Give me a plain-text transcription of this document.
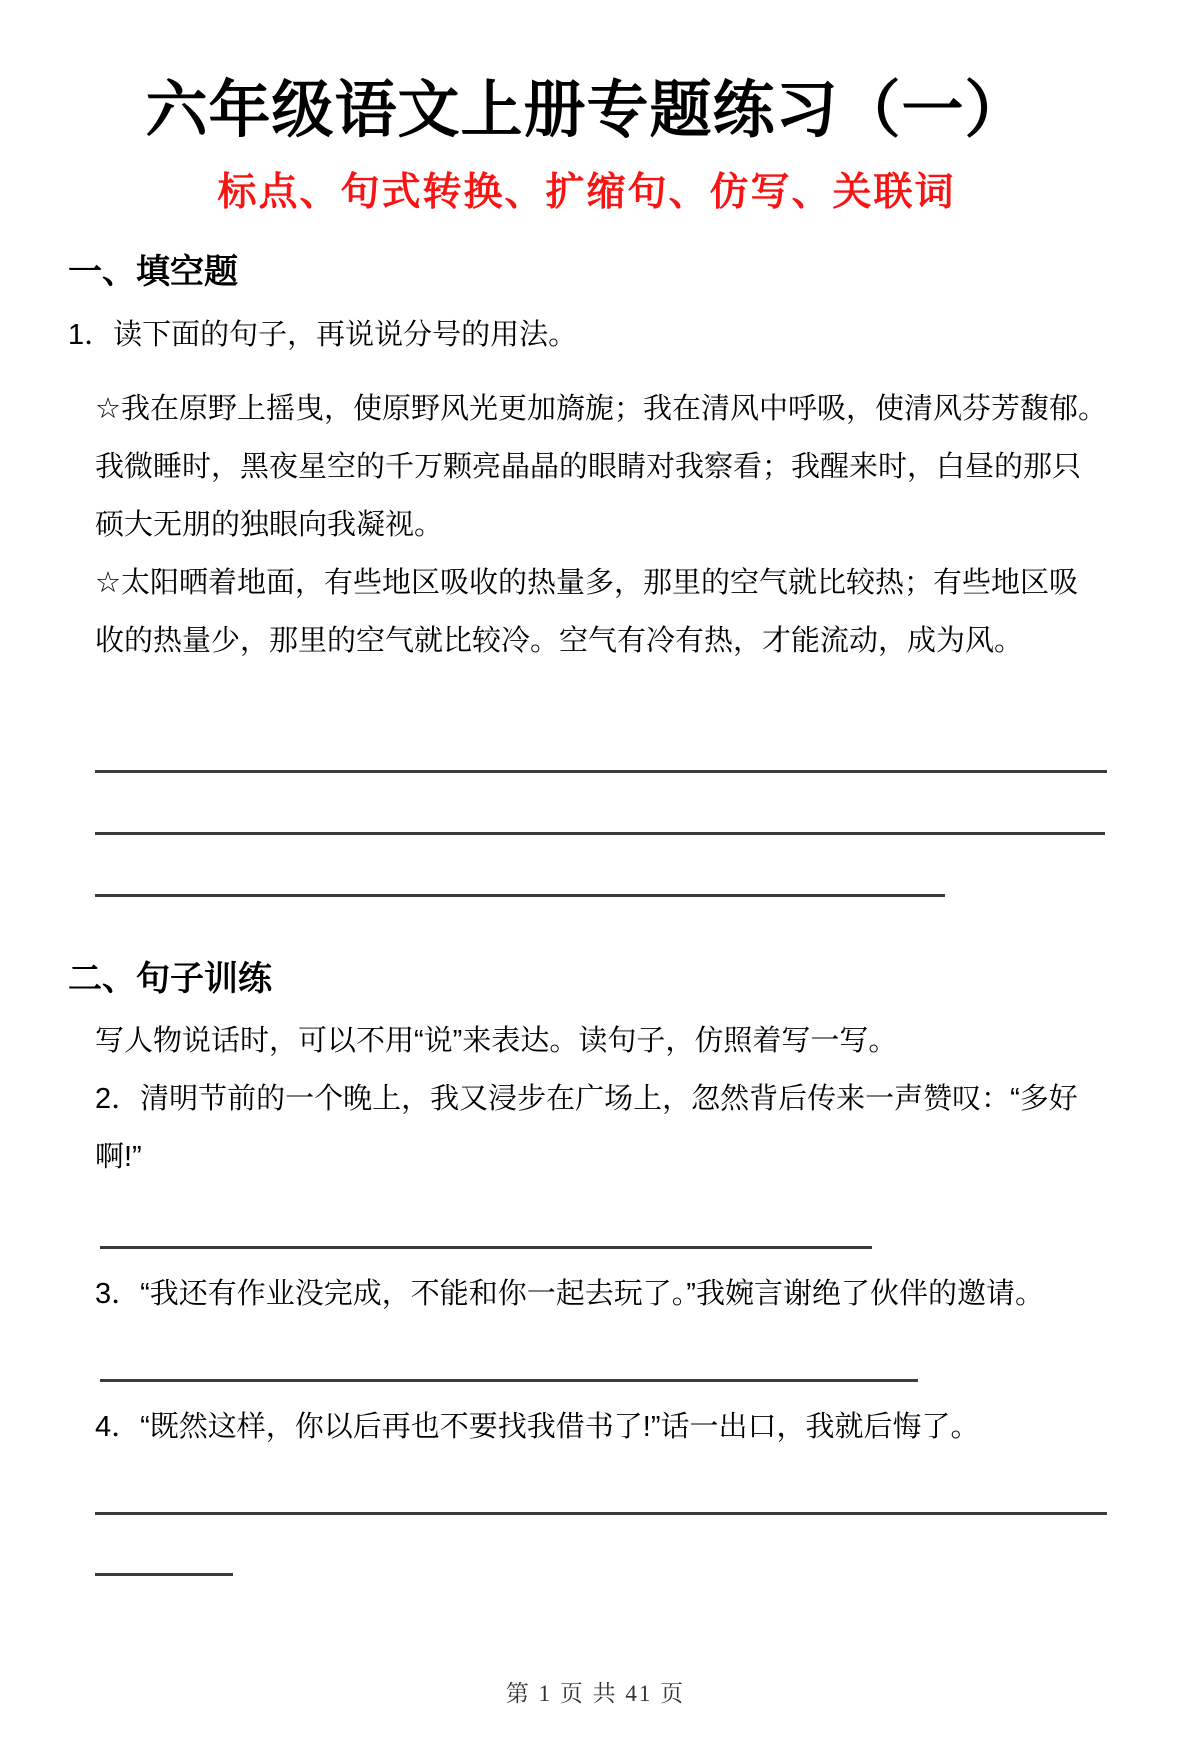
六年级语文上册专题练习（一）
标点、句式转换、扩缩句、仿写、关联词
一、填空题

1．读下面的句子，再说说分号的用法。

☆我在原野上摇曳，使原野风光更加旖旎；我在清风中呼吸，使清风芬芳馥郁。

我微睡时，黑夜星空的千万颗亮晶晶的眼睛对我察看；我醒来时，白昼的那只

硕大无朋的独眼向我凝视。

☆太阳晒着地面，有些地区吸收的热量多，那里的空气就比较热；有些地区吸

收的热量少，那里的空气就比较冷。空气有冷有热，才能流动，成为风。

二、句子训练

写人物说话时，可以不用“说”来表达。读句子，仿照着写一写。

2．清明节前的一个晚上，我又浸步在广场上，忽然背后传来一声赞叹：“多好

啊!”

3．“我还有作业没完成，不能和你一起去玩了。”我婉言谢绝了伙伴的邀请。

4．“既然这样，你以后再也不要找我借书了!”话一出口，我就后悔了。

第 1 页 共 41 页
